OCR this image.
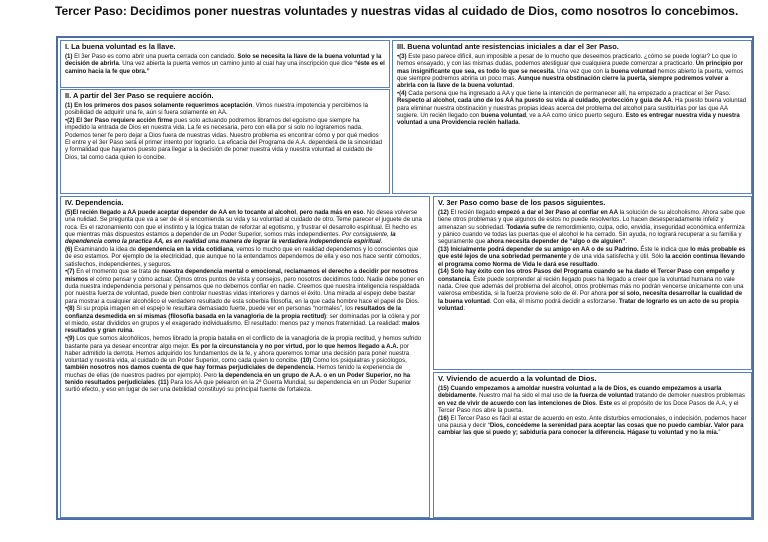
Tercer Paso: Decidimos poner nuestras voluntades y nuestras vidas al cuidado de Dios, como nosotros lo concebimos.
I. La buena voluntad es la llave.

(1) El 3er Paso es como abrir una puerta cerrada con candado. Solo se necesita la llave de la buena voluntad y la decisión de abrirla. Una vez abierta la puerta vemos un camino junto al cual hay una inscripción que dice “éste es el camino hacia la fe que obra.”

II. A partir del 3er Paso se requiere acción.

(1) En los primeros dos pasos solamente requerimos aceptación. Vimos nuestra impotencia y percibimos la posibilidad de adquirir una fe, aún si fuera solamente en AA.

•(2) El 3er Paso requiere acción firme pues solo actuando podremos librarnos del egoísmo que siempre ha impedido la entrada de Dios en nuestra vida. La fe es necesaria, pero con ella por si solo no lograremos nada. Podemos tener fe pero dejar a Dios fuera de nuestras vidas. Nuestro problema es encontrar cómo y por qué medios El entre y el 3er Paso será el primer intento por lograrlo. La eficacia del Programa de A.A. dependerá de la sinceridad y formalidad que hayamos puesto para llegar a la decisión de poner nuestra vida y nuestra voluntad al cuidado de Dios, tal como cada quien lo concibe.

III. Buena voluntad ante resistencias iniciales a dar el 3er Paso.

•(3) Este paso parece difícil, aun imposible a pesar de lo mucho que deseemos practicarlo. ¿cómo se puede lograr? Lo que lo hemos ensayado, y con las mismas dudas, podemos atestiguar que cualquiera puede comenzar a practicarlo. Un principio por mas insignificante que sea, es todo lo que se necesita. Una vez que con la buena voluntad hemos abierto la puerta, vemos que siempre podremos abrirla un poco mas. Aunque nuestra obstinación cierre la puerta, siempre podremos volver a abrirla con la llave de la buena voluntad.

•(4) Cada persona que ha ingresado a AA y que tiene la intención de permanecer allí, ha empezado a practicar el 3er Paso. Respecto al alcohol, cada uno de los AA ha puesto su vida al cuidado, protección y guía de AA. Ha puesto buena voluntad para eliminar nuestra obstinación y nuestras propias ideas acerca del problema del alcohol para sustituirlas por las que AA sugiere. Un recién llegado con buena voluntad, ve a AA como único puerto seguro. Esto es entregar nuestra vida y nuestra voluntad a una Providencia recién hallada.

IV. Dependencia.

(5)El recién llegado a AA puede aceptar depender de AA en lo tocante al alcohol, pero nada más en eso. No desea volverse una nulidad. Se pregunta que va a ser de él si encomienda su vida y su voluntad al cuidado de otro. Teme parecer el juguete de una roca. Es el razonamiento con que el instinto y la lógica tratan de reforzar al egotismo, y frustrar el desarrollo espiritual. El hecho es que mientras más dispuestos estamos a depender de un Poder Superior, somos más independientes. Por consiguiente, la dependencia como la practica AA, es en realidad una manera de lograr la verdadera independencia espiritual.

(6) Examinando la idea de dependencia en la vida cotidiana, vemos lo mucho que en realidad dependemos y lo conscientes que de eso estamos. Por ejemplo de la electricidad, que aunque no la entendamos dependemos de ella y eso nos hace sentir cómodos, satisfechos, independientes, y seguros.

•(7) En el momento que se trata de nuestra dependencia mental o emocional, reclamamos el derecho a decidir por nosotros mismos el cómo pensar y cómo actuar. Ójmos otros puntos de vista y consejos, pero nosotros decidimos todo. Nadie debe poner en duda nuestra independencia personal y pensamos que no debemos confiar en nadie. Creemos que nuestra inteligencia respaldada por nuestra fuerza de voluntad, puede bien controlar nuestras vidas interiores y darnos el éxito. Una mirada al espejo debe bastar para mostrar a cualquier alcohólico el verdadero resultado de esta soberbia filosofía, en la que cada hombre hace el papel de Dios.

•(8) Si su propia imagen en el espejo le resultara demasiado fuerte, puede ver en personas “normales”, los resultados de la confianza desmedida en sí mismas (filosofía basada en la vanagloria de la propia rectitud): ser dominadas por la cólera y por el miedo, estar divididos en grupos y el exagerado individualismo. El resultado: menos paz y menos fraternidad. La realidad: malos resultados y gran ruina.

•(9) Los que somos alcohólicos, hemos librado la propia batalla en el conflicto de la vanagloria de la propia rectitud, y hemos sufrido bastante para ya desear encontrar algo mejor. Es por la circunstancia y no por virtud, por lo que hemos llegado a A.A. por haber admitido la derrota. Hemos adquirido los fundamentos de la fe, y ahora queremos tomar una decisión para poner nuestra voluntad y nuestra vida, al cuidado de un Poder Superior, como cada quien lo concibe. (10) Como los psiquiatras y psicólogos, también nosotros nos damos cuenta de que hay formas perjudiciales de dependencia. Hemos tenido la experiencia de muchas de ellas (de nuestros padres por ejemplo). Pero la dependencia en un grupo de A.A. o en un Poder Superior, no ha tenido resultados perjudiciales. (11) Para los AA que pelearon en la 2ª Guerra Mundial, su dependencia en un Poder Superior surtió efecto, y eso en lugar de ser una debilidad constituyó su principal fuente de fortaleza.

V. 3er Paso como base de los pasos siguientes.

(12) El recién llegado empezó a dar el 3er Paso al confiar en AA la solución de su alcoholismo. Ahora sabe que tiene otros problemas y que algunos de estos no puede resolverlos. Lo hacen desesperadamente infeliz y amenazan su sobriedad. Todavía sufre de remordimiento, culpa, odio, envidia, inseguridad económica enfermiza y pánico cuando ve todas las puertas que el alcohol le ha cerrado. Sin ayuda, no logrará recuperar a su familia y seguramente que ahora necesita depender de “algo o de alguien”.

(13) Inicialmente podrá depender de su amigo en AA o de su Padrino. Éste le indica que lo más probable es que esté lejos de una sobriedad permanente y de una vida satisfecha y útil. Sólo la acción continua llevando el programa como Norma de Vida le dará ese resultado.

(14) Solo hay éxito con los otros Pasos del Programa cuando se ha dado el Tercer Paso con empeño y constancia. Éste puede sorprender al recién llegado pues ha llegado a creer que la voluntad humana no vale nada. Cree que además del problema del alcohol, otros problemas más no podrán vencerse únicamente con una valerosa embestida, si la fuerza proviene solo de él. Por ahora por sí solo, necesita desarrollar la cualidad de la buena voluntad. Con ella, él mismo podrá decidir a esforzarse. Tratar de lograrlo es un acto de su propia voluntad.

V. Viviendo de acuerdo a la voluntad de Dios.

(15) Cuando empezamos a amoldar nuestra voluntad a la de Dios, es cuando empezamos a usarla debidamente. Nuestro mal ha sido el mal uso de la fuerza de voluntad tratando de demoler nuestros problemas en vez de vivir de acuerdo con las intenciones de Dios. Este es el propósito de los Doce Pasos de A.A, y el Tercer Paso nos abre la puerta.

(16) El Tercer Paso es fácil al estar de acuerdo en esto. Ante disturbios emocionales, o indecisión, podemos hacer una pausa y decir “Dios, concédeme la serenidad para aceptar las cosas que no puedo cambiar. Valor para cambiar las que si puedo y; sabiduría para conocer la diferencia. Hágase tu voluntad y no la mía.”
